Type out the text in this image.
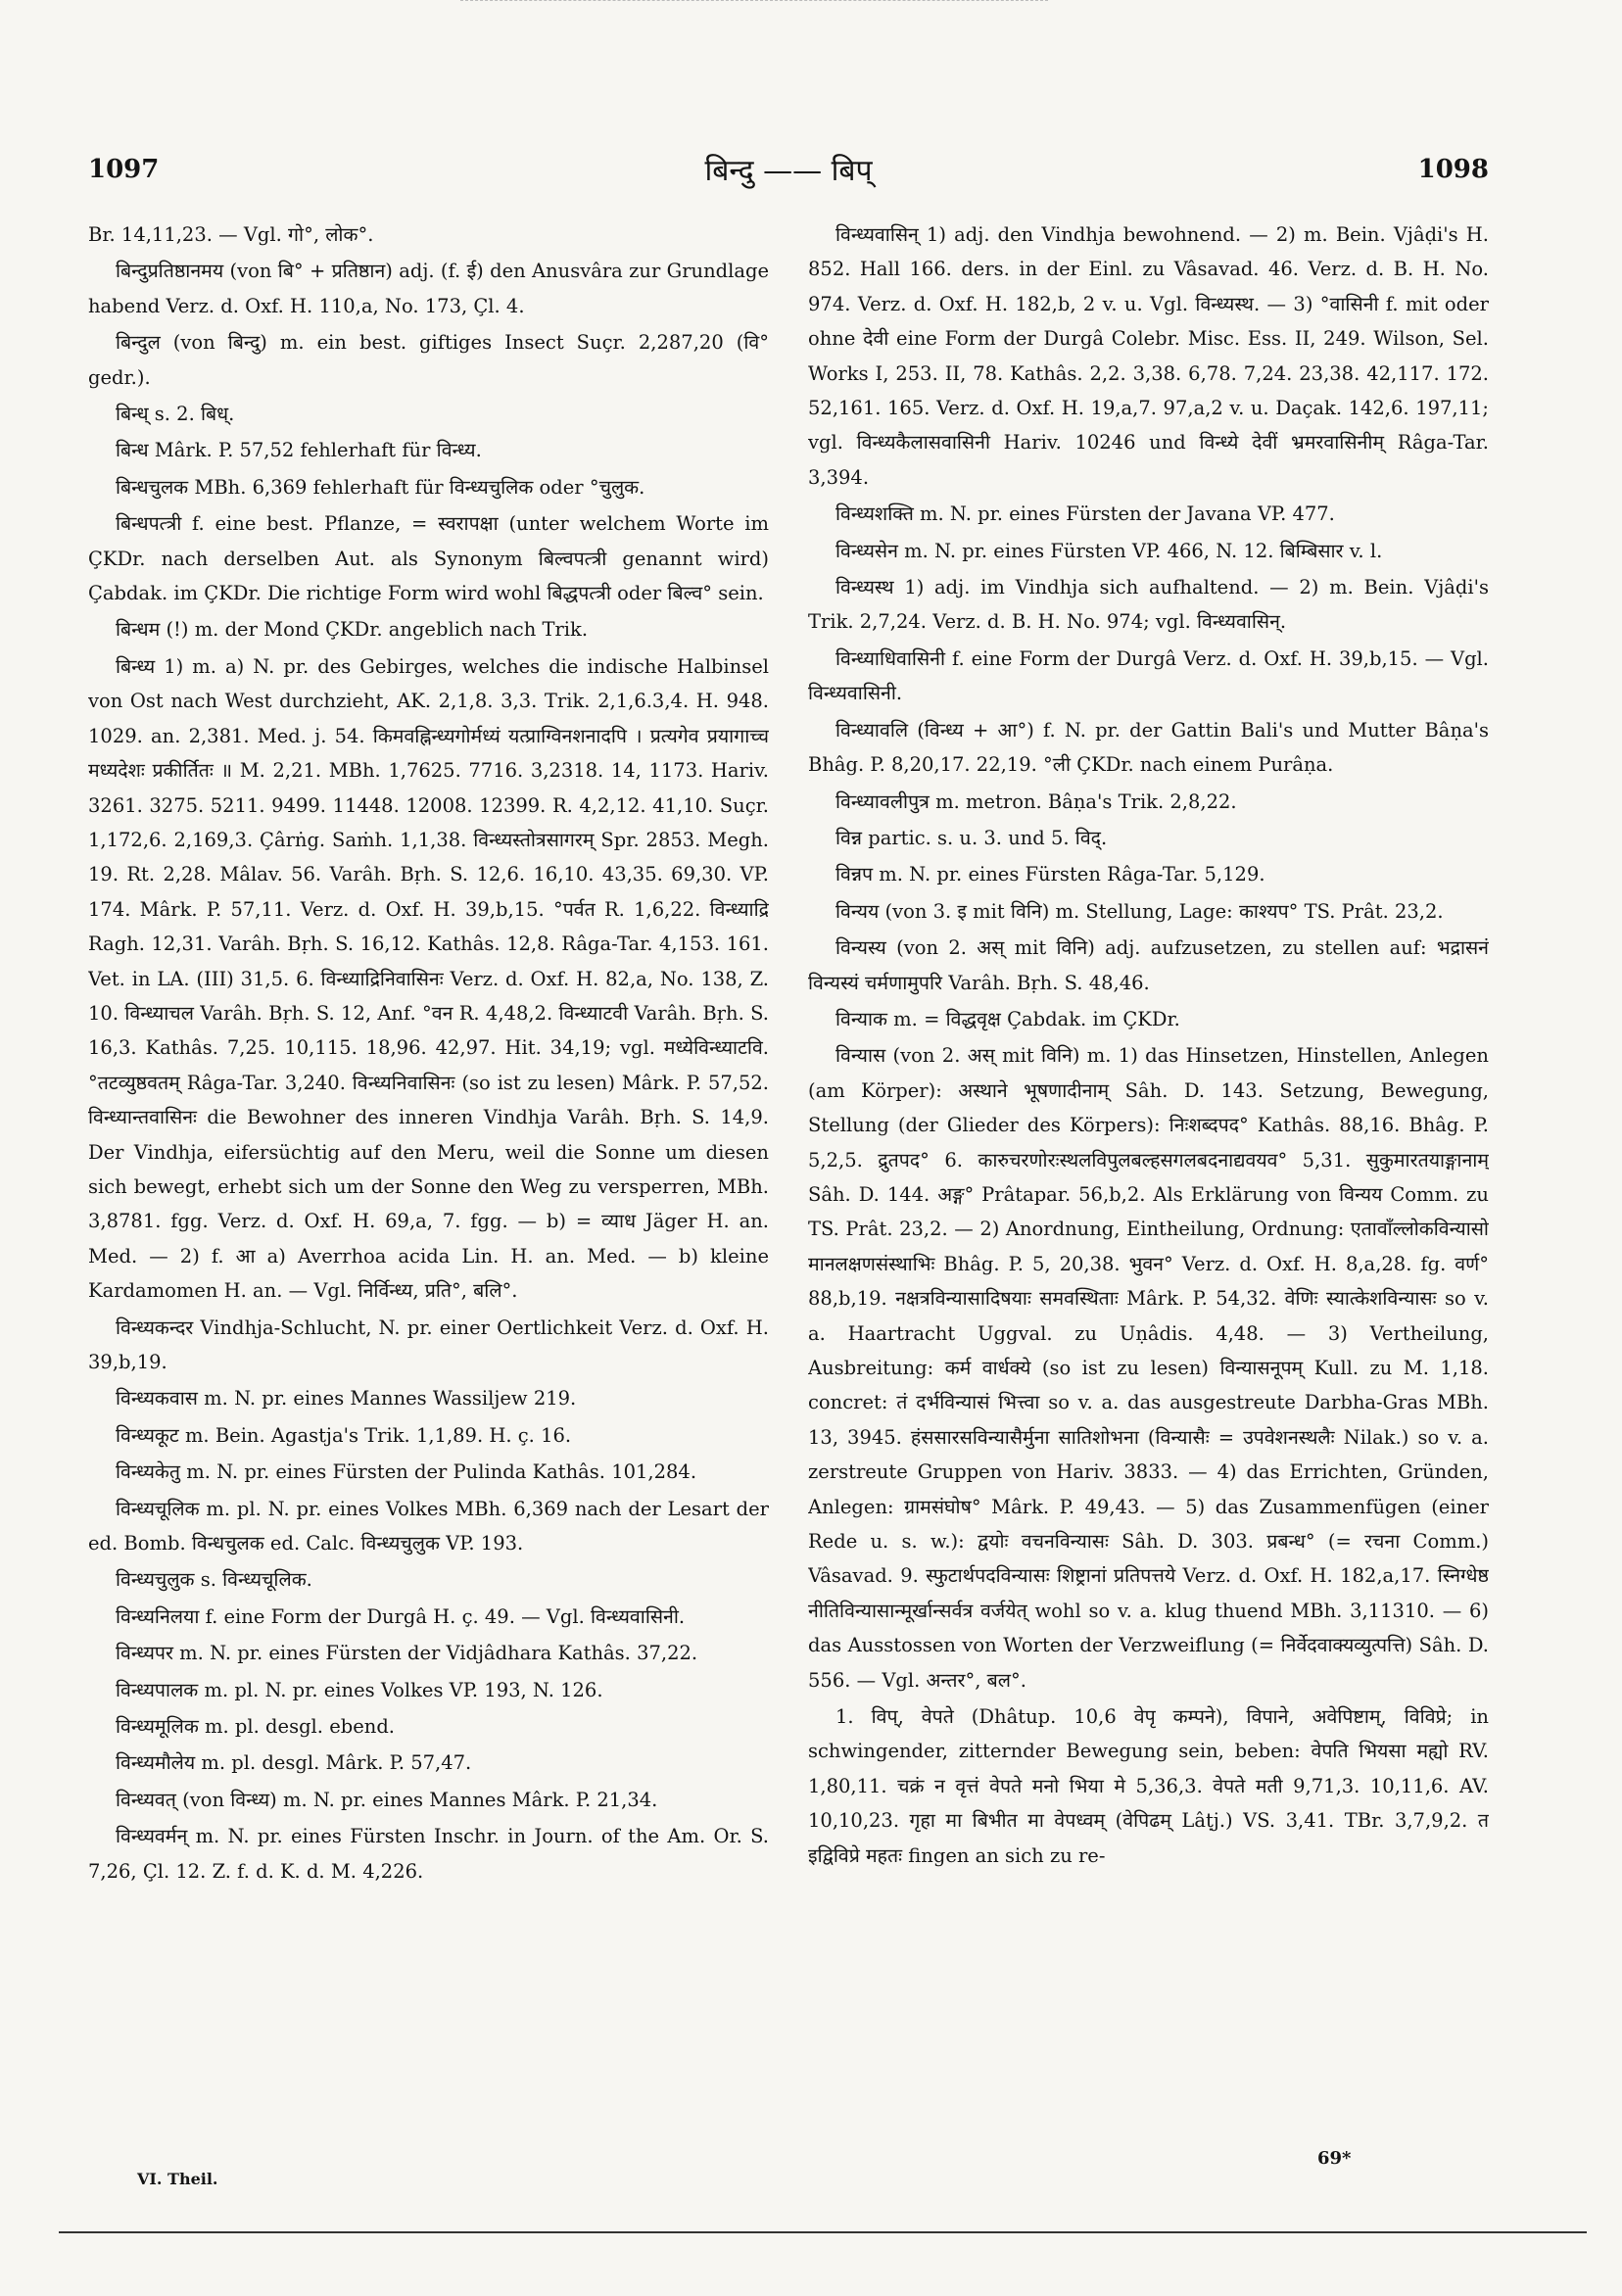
1097	बिन्दु —— बिप्	1098

Br. 14,11,23. — Vgl. गो°, लोक°.

बिन्दुप्रतिष्ठानमय (von बि° + प्रतिष्ठान) adj. (f. ई) den Anusvâra zur Grundlage habend Verz. d. Oxf. H. 110,a, No. 173, Çl. 4.

बिन्दुल (von बिन्दु) m. ein best. giftiges Insect Suçr. 2,287,20 (वि° gedr.).

बिन्ध् s. 2. बिध्.

बिन्ध Mârk. P. 57,52 fehlerhaft für विन्ध्य.

बिन्धचुलक MBh. 6,369 fehlerhaft für विन्ध्यचुलिक oder °चुलुक.

बिन्धपत्त्री f. eine best. Pflanze, = स्वरापक्षा (unter welchem Worte im ÇKDr. nach derselben Aut. als Synonym बिल्वपत्त्री genannt wird) Çabdak. im ÇKDr. Die richtige Form wird wohl बिद्धपत्त्री oder बिल्व° sein.

बिन्धम (!) m. der Mond ÇKDr. angeblich nach Trik.

बिन्ध्य 1) m. a) N. pr. des Gebirges, welches die indische Halbinsel von Ost nach West durchzieht, AK. 2,1,8. 3,3. Trik. 2,1,6.3,4. H. 948. 1029. an. 2,381. Med. j. 54. किमवह्निन्ध्यगोर्मध्यं यत्प्राग्विनशनादपि । प्रत्यगेव प्रयागाच्च मध्यदेशः प्रकीर्तितः ॥ M. 2,21. MBh. 1,7625. 7716. 3,2318. 14, 1173. Hariv. 3261. 3275. 5211. 9499. 11448. 12008. 12399. R. 4,2,12. 41,10. Suçr. 1,172,6. 2,169,3. Çârṅg. Saṁh. 1,1,38. विन्ध्यस्तोत्रसागरम् Spr. 2853. Megh. 19. Rt. 2,28. Mâlav. 56. Varâh. Bṛh. S. 12,6. 16,10. 43,35. 69,30. VP. 174. Mârk. P. 57,11. Verz. d. Oxf. H. 39,b,15. °पर्वत R. 1,6,22. विन्ध्याद्रि Ragh. 12,31. Varâh. Bṛh. S. 16,12. Kathâs. 12,8. Râga-Tar. 4,153. 161. Vet. in LA. (III) 31,5. 6. विन्ध्याद्रिनिवासिनः Verz. d. Oxf. H. 82,a, No. 138, Z. 10. विन्ध्याचल Varâh. Bṛh. S. 12, Anf. °वन R. 4,48,2. विन्ध्याटवी Varâh. Bṛh. S. 16,3. Kathâs. 7,25. 10,115. 18,96. 42,97. Hit. 34,19; vgl. मध्येविन्ध्याटवि. °तटव्युष्ठवतम् Râga-Tar. 3,240. विन्ध्यनिवासिनः (so ist zu lesen) Mârk. P. 57,52. विन्ध्यान्तवासिनः die Bewohner des inneren Vindhja Varâh. Bṛh. S. 14,9. Der Vindhja, eifersüchtig auf den Meru, weil die Sonne um diesen sich bewegt, erhebt sich um der Sonne den Weg zu versperren, MBh. 3,8781. fgg. Verz. d. Oxf. H. 69,a, 7. fgg. — b) = व्याध Jäger H. an. Med. — 2) f. आ a) Averrhoa acida Lin. H. an. Med. — b) kleine Kardamomen H. an. — Vgl. निर्विन्ध्य, प्रति°, बलि°.

विन्ध्यकन्दर Vindhja-Schlucht, N. pr. einer Oertlichkeit Verz. d. Oxf. H. 39,b,19.

विन्ध्यकवास m. N. pr. eines Mannes Wassiljew 219.

विन्ध्यकूट m. Bein. Agastja's Trik. 1,1,89. H. ç. 16.

विन्ध्यकेतु m. N. pr. eines Fürsten der Pulinda Kathâs. 101,284.

विन्ध्यचूलिक m. pl. N. pr. eines Volkes MBh. 6,369 nach der Lesart der ed. Bomb. विन्धचुलक ed. Calc. विन्ध्यचुलुक VP. 193.

विन्ध्यचुलुक s. विन्ध्यचूलिक.

विन्ध्यनिलया f. eine Form der Durgâ H. ç. 49. — Vgl. विन्ध्यवासिनी.

विन्ध्यपर m. N. pr. eines Fürsten der Vidjâdhara Kathâs. 37,22.

विन्ध्यपालक m. pl. N. pr. eines Volkes VP. 193, N. 126.

विन्ध्यमूलिक m. pl. desgl. ebend.

विन्ध्यमौलेय m. pl. desgl. Mârk. P. 57,47.

विन्ध्यवत् (von विन्ध्य) m. N. pr. eines Mannes Mârk. P. 21,34.

विन्ध्यवर्मन् m. N. pr. eines Fürsten Inschr. in Journ. of the Am. Or. S. 7,26, Çl. 12. Z. f. d. K. d. M. 4,226.

विन्ध्यवासिन् 1) adj. den Vindhja bewohnend. — 2) m. Bein. Vjâḍi's H. 852. Hall 166. ders. in der Einl. zu Vâsavad. 46. Verz. d. B. H. No. 974. Verz. d. Oxf. H. 182,b, 2 v. u. Vgl. विन्ध्यस्थ. — 3) °वासिनी f. mit oder ohne देवी eine Form der Durgâ Colebr. Misc. Ess. II, 249. Wilson, Sel. Works I, 253. II, 78. Kathâs. 2,2. 3,38. 6,78. 7,24. 23,38. 42,117. 172. 52,161. 165. Verz. d. Oxf. H. 19,a,7. 97,a,2 v. u. Daçak. 142,6. 197,11; vgl. विन्ध्यकैलासवासिनी Hariv. 10246 und विन्ध्ये देवीं भ्रमरवासिनीम् Râga-Tar. 3,394.

विन्ध्यशक्ति m. N. pr. eines Fürsten der Javana VP. 477.

विन्ध्यसेन m. N. pr. eines Fürsten VP. 466, N. 12. बिम्बिसार v. l.

विन्ध्यस्थ 1) adj. im Vindhja sich aufhaltend. — 2) m. Bein. Vjâḍi's Trik. 2,7,24. Verz. d. B. H. No. 974; vgl. विन्ध्यवासिन्.

विन्ध्याधिवासिनी f. eine Form der Durgâ Verz. d. Oxf. H. 39,b,15. — Vgl. विन्ध्यवासिनी.

विन्ध्यावलि (विन्ध्य + आ°) f. N. pr. der Gattin Bali's und Mutter Bâṇa's Bhâg. P. 8,20,17. 22,19. °ली ÇKDr. nach einem Purâṇa.

विन्ध्यावलीपुत्र m. metron. Bâṇa's Trik. 2,8,22.

विन्न partic. s. u. 3. und 5. विद्.

विन्नप m. N. pr. eines Fürsten Râga-Tar. 5,129.

विन्यय (von 3. इ mit विनि) m. Stellung, Lage: काश्यप° TS. Prât. 23,2.

विन्यस्य (von 2. अस् mit विनि) adj. aufzusetzen, zu stellen auf: भद्रासनं विन्यस्यं चर्मणामुपरि Varâh. Bṛh. S. 48,46.

विन्याक m. = विद्धवृक्ष Çabdak. im ÇKDr.

विन्यास (von 2. अस् mit विनि) m. 1) das Hinsetzen, Hinstellen, Anlegen (am Körper): अस्थाने भूषणादीनाम् Sâh. D. 143. Setzung, Bewegung, Stellung (der Glieder des Körpers): निःशब्दपद° Kathâs. 88,16. Bhâg. P. 5,2,5. द्रुतपद° 6. कारुचरणोरःस्थलविपुलबल्हसगलबदनाद्यवयव° 5,31. सुकुमारतयाङ्गानाम् Sâh. D. 144. अङ्ग° Prâtapar. 56,b,2. Als Erklärung von विन्यय Comm. zu TS. Prât. 23,2. — 2) Anordnung, Eintheilung, Ordnung: एतावाँल्लोकविन्यासो मानलक्षणसंस्थाभिः Bhâg. P. 5, 20,38. भुवन° Verz. d. Oxf. H. 8,a,28. fg. वर्ण° 88,b,19. नक्षत्रविन्यासादिषयाः समवस्थिताः Mârk. P. 54,32. वेणिः स्यात्केशविन्यासः so v. a. Haartracht Uggval. zu Uṇâdis. 4,48. — 3) Vertheilung, Ausbreitung: कर्म वार्धक्ये (so ist zu lesen) विन्यासनूपम् Kull. zu M. 1,18. concret: तं दर्भविन्यासं भित्त्वा so v. a. das ausgestreute Darbha-Gras MBh. 13, 3945. हंससारसविन्यासैर्मुना सातिशोभना (विन्यासैः = उपवेशनस्थलैः Nilak.) so v. a. zerstreute Gruppen von Hariv. 3833. — 4) das Errichten, Gründen, Anlegen: ग्रामसंघोष° Mârk. P. 49,43. — 5) das Zusammenfügen (einer Rede u. s. w.): द्वयोः वचनविन्यासः Sâh. D. 303. प्रबन्ध° (= रचना Comm.) Vâsavad. 9. स्फुटार्थपदविन्यासः शिष्ट्रानां प्रतिपत्तये Verz. d. Oxf. H. 182,a,17. स्निग्धेष्ठ नीतिविन्यासान्मूर्खान्सर्वत्र वर्जयेत् wohl so v. a. klug thuend MBh. 3,11310. — 6) das Ausstossen von Worten der Verzweiflung (= निर्वेदवाक्यव्युत्पत्ति) Sâh. D. 556. — Vgl. अन्तर°, बल°.

1. विप्, वेपते (Dhâtup. 10,6 वेपृ कम्पने), विपाने, अवेपिष्टाम्, विविप्रे; in schwingender, zitternder Bewegung sein, beben: वेपति भियसा मह्यो RV. 1,80,11. चक्रं न वृत्तं वेपते मनो भिया मे 5,36,3. वेपते मती 9,71,3. 10,11,6. AV. 10,10,23. गृहा मा बिभीत मा वेपध्वम् (वेपिढम् Lâṭj.) VS. 3,41. TBr. 3,7,9,2. त इद्विविप्रे महतः fingen an sich zu re-

VI. Theil.
69*
